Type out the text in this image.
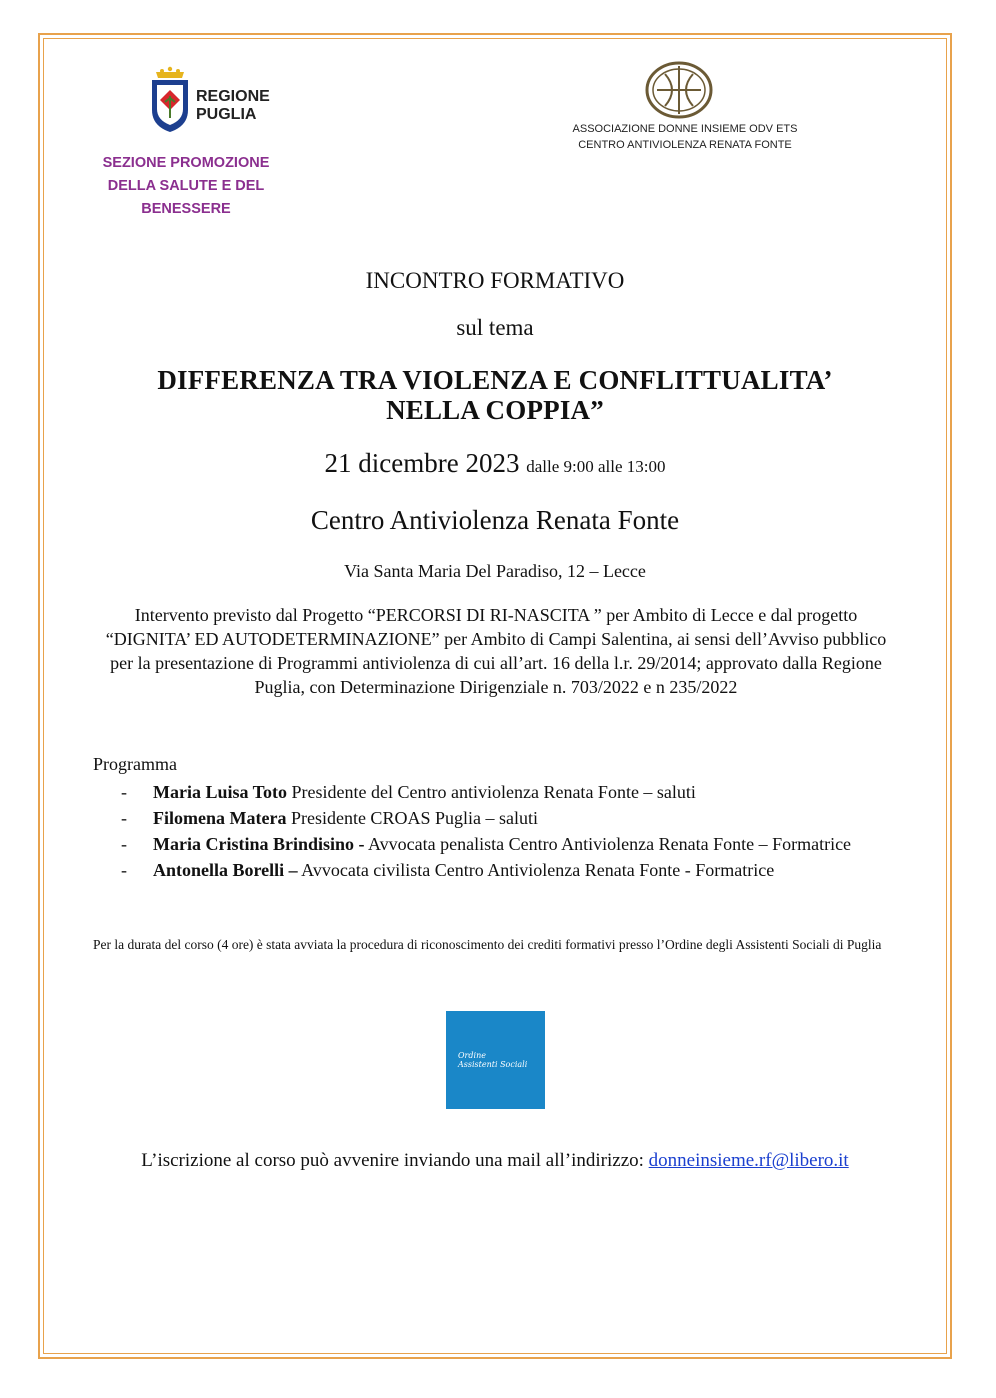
REGIONE
PUGLIA
SEZIONE PROMOZIONE
DELLA SALUTE E DEL
BENESSERE
ASSOCIAZIONE DONNE INSIEME ODV ETS
CENTRO ANTIVIOLENZA RENATA FONTE
INCONTRO FORMATIVO
sul tema
DIFFERENZA TRA VIOLENZA E CONFLITTUALITA’
NELLA COPPIA”
21 dicembre 2023 dalle 9:00 alle 13:00
Centro Antiviolenza Renata Fonte
Via Santa Maria Del Paradiso, 12 – Lecce
Intervento previsto dal Progetto “PERCORSI DI RI-NASCITA ” per Ambito di Lecce e dal progetto “DIGNITA’ ED AUTODETERMINAZIONE” per Ambito di Campi Salentina, ai sensi dell’Avviso pubblico per la presentazione di Programmi antiviolenza di cui all’art. 16 della l.r. 29/2014; approvato dalla Regione Puglia, con Determinazione Dirigenziale n. 703/2022 e n 235/2022
Programma
- Maria Luisa Toto Presidente del Centro antiviolenza Renata Fonte – saluti
- Filomena Matera Presidente CROAS Puglia – saluti
- Maria Cristina Brindisino - Avvocata penalista Centro Antiviolenza Renata Fonte – Formatrice
- Antonella Borelli – Avvocata civilista Centro Antiviolenza Renata Fonte - Formatrice
Per la durata del corso (4 ore) è stata avviata la procedura di riconoscimento dei crediti formativi presso l’Ordine degli Assistenti Sociali di Puglia
Ordine
Assistenti Sociali
L’iscrizione al corso può avvenire inviando una mail all’indirizzo: donneinsieme.rf@libero.it
